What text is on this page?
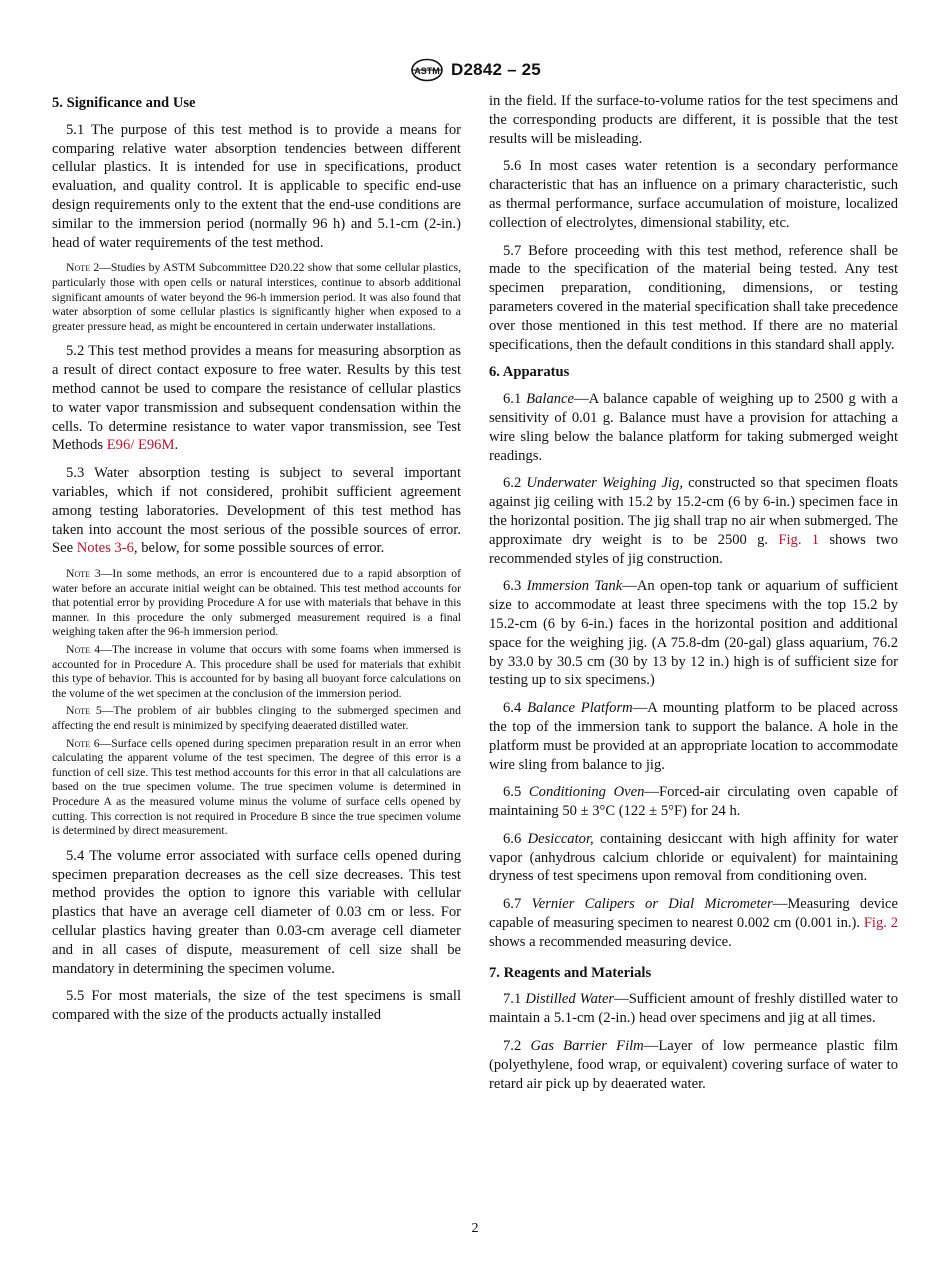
ASTM D2842 – 25
5. Significance and Use

5.1 The purpose of this test method is to provide a means for comparing relative water absorption tendencies between different cellular plastics. It is intended for use in specifications, product evaluation, and quality control. It is applicable to specific end-use design requirements only to the extent that the end-use conditions are similar to the immersion period (normally 96 h) and 5.1-cm (2-in.) head of water requirements of the test method.

Note 2—Studies by ASTM Subcommittee D20.22 show that some cellular plastics, particularly those with open cells or natural interstices, continue to absorb additional significant amounts of water beyond the 96-h immersion period. It was also found that water absorption of some cellular plastics is significantly higher when exposed to a greater pressure head, as might be encountered in certain underwater installations.

5.2 This test method provides a means for measuring absorption as a result of direct contact exposure to free water. Results by this test method cannot be used to compare the resistance of cellular plastics to water vapor transmission and subsequent condensation within the cells. To determine resistance to water vapor transmission, see Test Methods E96/ E96M.

5.3 Water absorption testing is subject to several important variables, which if not considered, prohibit sufficient agreement among testing laboratories. Development of this test method has taken into account the most serious of the possible sources of error. See Notes 3-6, below, for some possible sources of error.

Note 3—In some methods, an error is encountered due to a rapid absorption of water before an accurate initial weight can be obtained. This test method accounts for that potential error by providing Procedure A for use with materials that behave in this manner. In this procedure the only submerged measurement required is a final weighing taken after the 96-h immersion period.
Note 4—The increase in volume that occurs with some foams when immersed is accounted for in Procedure A. This procedure shall be used for materials that exhibit this type of behavior. This is accounted for by basing all buoyant force calculations on the volume of the wet specimen at the conclusion of the immersion period.
Note 5—The problem of air bubbles clinging to the submerged specimen and affecting the end result is minimized by specifying deaerated distilled water.
Note 6—Surface cells opened during specimen preparation result in an error when calculating the apparent volume of the test specimen. The degree of this error is a function of cell size. This test method accounts for this error in that all calculations are based on the true specimen volume. The true specimen volume is determined in Procedure A as the measured volume minus the volume of surface cells opened by cutting. This correction is not required in Procedure B since the true specimen volume is determined by direct measurement.

5.4 The volume error associated with surface cells opened during specimen preparation decreases as the cell size decreases. This test method provides the option to ignore this variable with cellular plastics that have an average cell diameter of 0.03 cm or less. For cellular plastics having greater than 0.03-cm average cell diameter and in all cases of dispute, measurement of cell size shall be mandatory in determining the specimen volume.

5.5 For most materials, the size of the test specimens is small compared with the size of the products actually installed

in the field. If the surface-to-volume ratios for the test specimens and the corresponding products are different, it is possible that the test results will be misleading.

5.6 In most cases water retention is a secondary performance characteristic that has an influence on a primary characteristic, such as thermal performance, surface accumulation of moisture, localized collection of electrolytes, dimensional stability, etc.

5.7 Before proceeding with this test method, reference shall be made to the specification of the material being tested. Any test specimen preparation, conditioning, dimensions, or testing parameters covered in the material specification shall take precedence over those mentioned in this test method. If there are no material specifications, then the default conditions in this standard shall apply.

6. Apparatus

6.1 Balance—A balance capable of weighing up to 2500 g with a sensitivity of 0.01 g. Balance must have a provision for attaching a wire sling below the balance platform for taking submerged weight readings.

6.2 Underwater Weighing Jig, constructed so that specimen floats against jig ceiling with 15.2 by 15.2-cm (6 by 6-in.) specimen face in the horizontal position. The jig shall trap no air when submerged. The approximate dry weight is to be 2500 g. Fig. 1 shows two recommended styles of jig construction.

6.3 Immersion Tank—An open-top tank or aquarium of sufficient size to accommodate at least three specimens with the top 15.2 by 15.2-cm (6 by 6-in.) faces in the horizontal position and additional space for the weighing jig. (A 75.8-dm (20-gal) glass aquarium, 76.2 by 33.0 by 30.5 cm (30 by 13 by 12 in.) high is of sufficient size for testing up to six specimens.)

6.4 Balance Platform—A mounting platform to be placed across the top of the immersion tank to support the balance. A hole in the platform must be provided at an appropriate location to accommodate wire sling from balance to jig.

6.5 Conditioning Oven—Forced-air circulating oven capable of maintaining 50 ± 3°C (122 ± 5°F) for 24 h.

6.6 Desiccator, containing desiccant with high affinity for water vapor (anhydrous calcium chloride or equivalent) for maintaining dryness of test specimens upon removal from conditioning oven.

6.7 Vernier Calipers or Dial Micrometer—Measuring device capable of measuring specimen to nearest 0.002 cm (0.001 in.). Fig. 2 shows a recommended measuring device.

7. Reagents and Materials

7.1 Distilled Water—Sufficient amount of freshly distilled water to maintain a 5.1-cm (2-in.) head over specimens and jig at all times.

7.2 Gas Barrier Film—Layer of low permeance plastic film (polyethylene, food wrap, or equivalent) covering surface of water to retard air pick up by deaerated water.

2
